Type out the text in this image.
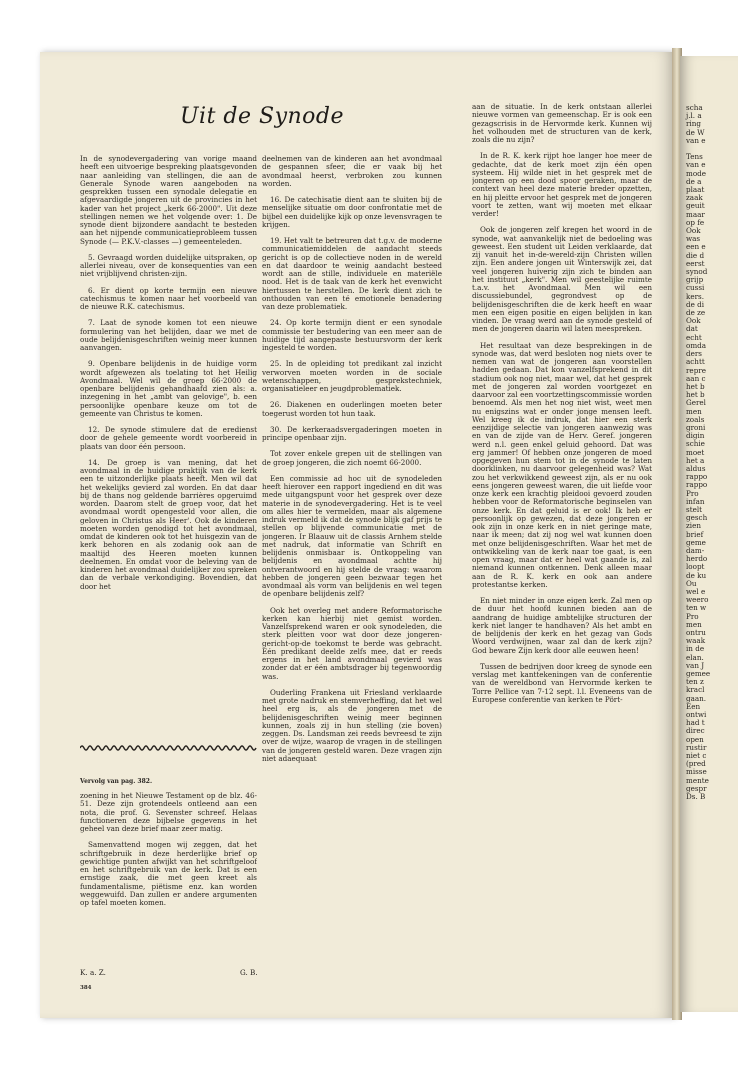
scha
j.l. a
ring
de W
van e

Tens
van e
mode
de a
plaat
zaak
geuit
maar
op fe
Ook
was
een e
die d
eerst
synod
grijp
cussi
kers.
de di
de ze
Ook
dat
echt
omda
ders
achtt
repre
aan c
het b
het b
Gerel
men
zoals
groni
digin
schie
moet
het a
aldus
rappo
rappo
Pro
infan
stelt
gesch
zien
brief
geme
dam-
herdo
loopt
de ku
Ou
wel e
weero
ten w
Pro
men
ontru
waak
in de
elan.
van J
gemee
ten z
kracl
gaan.
Een
ontwi
had t
direc
open
rustir
niet c
(pred
misse
mente
gespr
Ds. B
Uit de Synode

In de synodevergadering van vorige maand heeft een uitvoerige bespreking plaatsgevonden naar aanleiding van stellingen, die aan de Generale Synode waren aangeboden na gesprekken tussen een synodale delegatie en afgevaardigde jongeren uit de provincies in het kader van het project „kerk 66-2000". Uit deze stellingen nemen we het volgende over: 1. De synode dient bijzondere aandacht te besteden aan het nijpende communicatieprobleem tussen Synode (— P.K.V.-classes —) gemeenteleden.

5. Gevraagd worden duidelijke uitspraken, op allerlei niveau, over de konsequenties van een niet vrijblijvend christen-zijn.

6. Er dient op korte termijn een nieuwe catechismus te komen naar het voorbeeld van de nieuwe R.K. catechismus.

7. Laat de synode komen tot een nieuwe formulering van het belijden, daar we met de oude belijdenisgeschriften weinig meer kunnen aanvangen.

9. Openbare belijdenis in de huidige vorm wordt afgewezen als toelating tot het Heilig Avondmaal. Wel wil de groep 66-2000 de openbare belijdenis gehandhaafd zien als: a. inzegening in het „ambt van gelovige", b. een persoonlijke openbare keuze om tot de gemeente van Christus te komen.

12. De synode stimulere dat de eredienst door de gehele gemeente wordt voorbereid in plaats van door één persoon.

14. De groep is van mening, dat het avondmaal in de huidige praktijk van de kerk een te uitzonderlijke plaats heeft. Men wil dat het wekelijks gevierd zal worden. En dat daar bij de thans nog geldende barrières opgeruimd worden. Daarom stelt de groep voor, dat het avondmaal wordt opengesteld voor allen, die geloven in Christus als Heer'. Ook de kinderen moeten worden genodigd tot het avondmaal, omdat de kinderen ook tot het huisgezin van de kerk behoren en als zodanig ook aan de maaltijd des Heeren moeten kunnen deelnemen. En omdat voor de beleving van de kinderen het avondmaal duidelijker zou spreken dan de verbale verkondiging. Bovendien, dat door het

Vervolg van pag. 382.

zoening in het Nieuwe Testament op de blz. 46-51. Deze zijn grotendeels ontleend aan een nota, die prof. G. Sevenster schreef. Helaas functioneren deze bijbelse gegevens in het geheel van deze brief maar zeer matig.

Samenvattend mogen wij zeggen, dat het schriftgebruik in deze herderlijke brief op gewichtige punten afwijkt van het schriftgeloof en het schriftgebruik van de kerk. Dat is een ernstige zaak, die met geen kreet als fundamentalisme, piëtisme enz. kan worden weggewuifd. Dan zullen er andere argumenten op tafel moeten komen.

K. a. Z.	G. B.
384

deelnemen van de kinderen aan het avondmaal de gespannen sfeer, die er vaak bij het avondmaal heerst, verbroken zou kunnen worden.

16. De catechisatie dient aan te sluiten bij de menselijke situatie om door confrontatie met de bijbel een duidelijke kijk op onze levensvragen te krijgen.

19. Het valt te betreuren dat t.g.v. de moderne communicatiemiddelen de aandacht steeds gericht is op de collectieve noden in de wereld en dat daardoor te weinig aandacht besteed wordt aan de stille, individuele en materiële nood. Het is de taak van de kerk het evenwicht hiertussen te herstellen. De kerk dient zich te onthouden van een té emotionele benadering van deze problematiek.

24. Op korte termijn dient er een synodale commissie ter bestudering van een meer aan de huidige tijd aangepaste bestuursvorm der kerk ingesteld te worden.

25. In de opleiding tot predikant zal inzicht verworven moeten worden in de sociale wetenschappen, gesprekstechniek, organisatieleer en jeugdproblematiek.

26. Diakenen en ouderlingen moeten beter toegerust worden tot hun taak.

30. De kerkeraadsvergaderingen moeten in principe openbaar zijn.

Tot zover enkele grepen uit de stellingen van de groep jongeren, die zich noemt 66-2000.

Een commissie ad hoc uit de synodeleden heeft hierover een rapport ingediend en dit was mede uitgangspunt voor het gesprek over deze materie in de synodevergadering. Het is te veel om alles hier te vermelden, maar als algemene indruk vermeld ik dat de synode blijk gaf prijs te stellen op blijvende communicatie met de jongeren. Ir Blaauw uit de classis Arnhem stelde met nadruk, dat informatie van Schrift en belijdenis onmisbaar is. Ontkoppeling van belijdenis en avondmaal achtte hij ontverantwoord en hij stelde de vraag: waarom hebben de jongeren geen bezwaar tegen het avondmaal als vorm van belijdenis en wel tegen de openbare belijdenis zelf?

Ook het overleg met andere Reformatorische kerken kan hierbij niet gemist worden. Vanzelfsprekend waren er ook synodeleden, die sterk pleitten voor wat door deze jongeren-gericht-op-de toekomst te berde was gebracht. Eén predikant deelde zelfs mee, dat er reeds ergens in het land avondmaal gevierd was zonder dat er één ambtsdrager bij tegenwoordig was.

Ouderling Frankena uit Friesland verklaarde met grote nadruk en stemverheffing, dat het wel heel erg is, als de jongeren met de belijdenisgeschriften weinig meer beginnen kunnen, zoals zij in hun stelling (zie boven) zeggen. Ds. Landsman zei reeds bevreesd te zijn over de wijze, waarop de vragen in de stellingen van de jongeren gesteld waren. Deze vragen zijn niet adaequaat

aan de situatie. In de kerk ontstaan allerlei nieuwe vormen van gemeenschap. Er is ook een gezagscrisis in de Hervormde kerk. Kunnen wij het volhouden met de structuren van de kerk, zoals die nu zijn?

In de R. K. kerk rijpt hoe langer hoe meer de gedachte, dat de kerk moet zijn één open systeem. Hij wilde niet in het gesprek met de jongeren op een dood spoor geraken, maar de context van heel deze materie breder opzetten, en hij pleitte ervoor het gesprek met de jongeren voort te zetten, want wij moeten met elkaar verder!

Ook de jongeren zelf kregen het woord in de synode, wat aanvankelijk niet de bedoeling was geweest. Een student uit Leiden verklaarde, dat zij vanuit het in-de-wereld-zijn Christen willen zijn. Een andere jongen uit Winterswijk zei, dat veel jongeren huiverig zijn zich te binden aan het instituut „kerk". Men wil geestelijke ruimte t.a.v. het Avondmaal. Men wil een discussiebundel, gegrondvest op de belijdenisgeschriften die de kerk heeft en waar men een eigen positie en eigen belijden in kan vinden. De vraag werd aan de synode gesteld of men de jongeren daarin wil laten meespreken.

Het resultaat van deze besprekingen in de synode was, dat werd besloten nog niets over te nemen van wat de jongeren aan voorstellen hadden gedaan. Dat kon vanzelfsprekend in dit stadium ook nog niet, maar wel, dat het gesprek met de jongeren zal worden voortgezet en daarvoor zal een voortzettingscommissie worden benoemd. Als men het nog niet wist, weet men nu enigszins wat er onder jonge mensen leeft. Wel kreeg ik de indruk, dat hier een sterk eenzijdige selectie van jongeren aanwezig was en van de zijde van de Herv. Geref. jongeren werd n.l. geen enkel geluid gehoord. Dat was erg jammer! Of hebben onze jongeren de moed opgegeven hun stem tot in de synode te laten doorklinken, nu daarvoor gelegenheid was? Wat zou het verkwikkend geweest zijn, als er nu ook eens jongeren geweest waren, die uit liefde voor onze kerk een krachtig pleidooi gevoerd zouden hebben voor de Reformatorische beginselen van onze kerk. En dat geluid is er ook! Ik heb er persoonlijk op gewezen, dat deze jongeren er ook zijn in onze kerk en in niet geringe mate, naar ik meen; dat zij nog wel wat kunnen doen met onze belijdenisgeschriften. Waar het met de ontwikkeling van de kerk naar toe gaat, is een open vraag, maar dat er heel wat gaande is, zal niemand kunnen ontkennen. Denk alleen maar aan de R. K. kerk en ook aan andere protestantse kerken.

En niet minder in onze eigen kerk. Zal men op de duur het hoofd kunnen bieden aan de aandrang de huidige ambtelijke structuren der kerk niet langer te handhaven? Als het ambt en de belijdenis der kerk en het gezag van Gods Woord verdwijnen, waar zal dan de kerk zijn? God beware Zijn kerk door alle eeuwen heen!

Tussen de bedrijven door kreeg de synode een verslag met kanttekeningen van de conferentie van de wereldbond van Hervormde kerken te Torre Pellice van 7-12 sept. l.l. Eveneens van de Europese conferentie van kerken te Pört-
